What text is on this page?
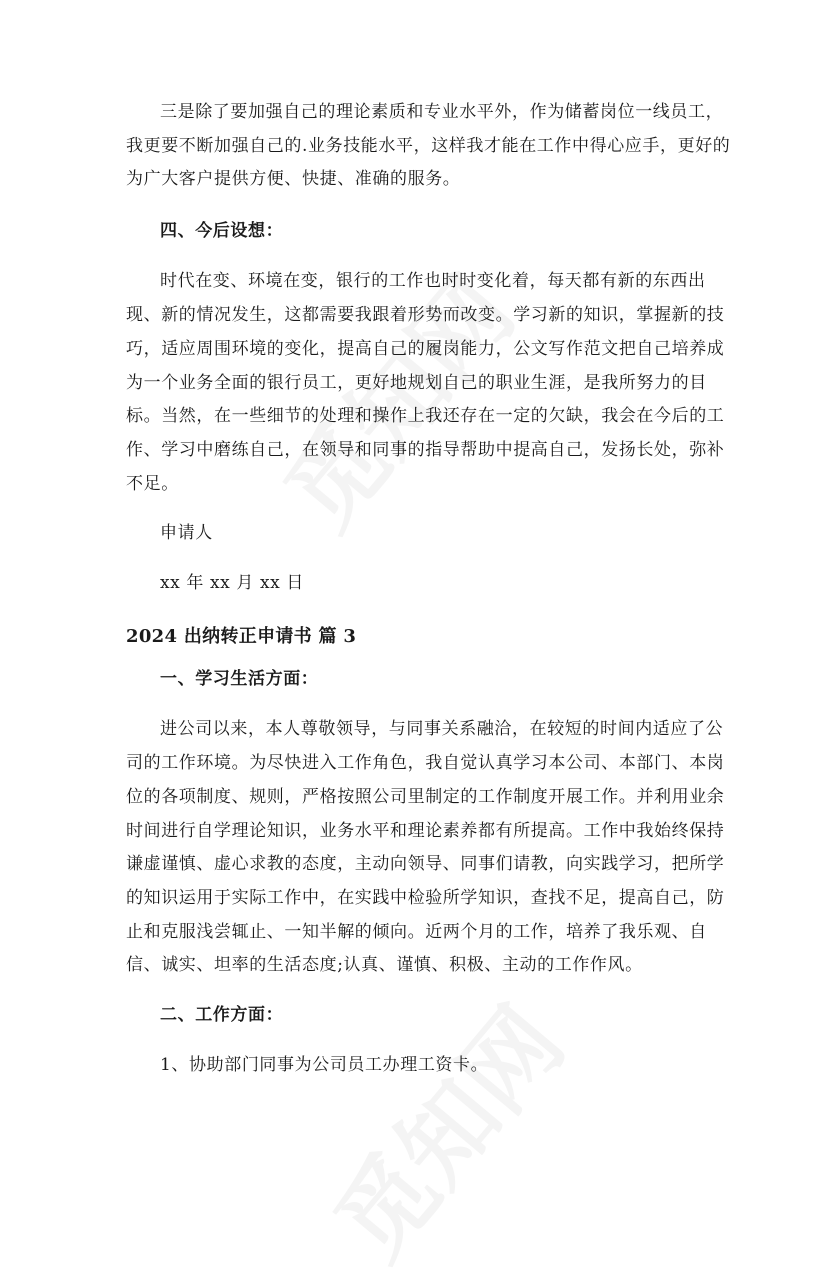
三是除了要加强自己的理论素质和专业水平外，作为储蓄岗位一线员工，
我更要不断加强自己的.业务技能水平，这样我才能在工作中得心应手，更好的
为广大客户提供方便、快捷、准确的服务。
四、今后设想：
时代在变、环境在变，银行的工作也时时变化着，每天都有新的东西出
现、新的情况发生，这都需要我跟着形势而改变。学习新的知识，掌握新的技
巧，适应周围环境的变化，提高自己的履岗能力，公文写作范文把自己培养成
为一个业务全面的银行员工，更好地规划自己的职业生涯，是我所努力的目
标。当然，在一些细节的处理和操作上我还存在一定的欠缺，我会在今后的工
作、学习中磨练自己，在领导和同事的指导帮助中提高自己，发扬长处，弥补
不足。
申请人
xx 年 xx 月 xx 日
2024 出纳转正申请书 篇 3
一、学习生活方面：
进公司以来，本人尊敬领导，与同事关系融洽，在较短的时间内适应了公
司的工作环境。为尽快进入工作角色，我自觉认真学习本公司、本部门、本岗
位的各项制度、规则，严格按照公司里制定的工作制度开展工作。并利用业余
时间进行自学理论知识，业务水平和理论素养都有所提高。工作中我始终保持
谦虚谨慎、虚心求教的态度，主动向领导、同事们请教，向实践学习，把所学
的知识运用于实际工作中，在实践中检验所学知识，查找不足，提高自己，防
止和克服浅尝辄止、一知半解的倾向。近两个月的工作，培养了我乐观、自
信、诚实、坦率的生活态度;认真、谨慎、积极、主动的工作作风。
二、工作方面：
1、协助部门同事为公司员工办理工资卡。
